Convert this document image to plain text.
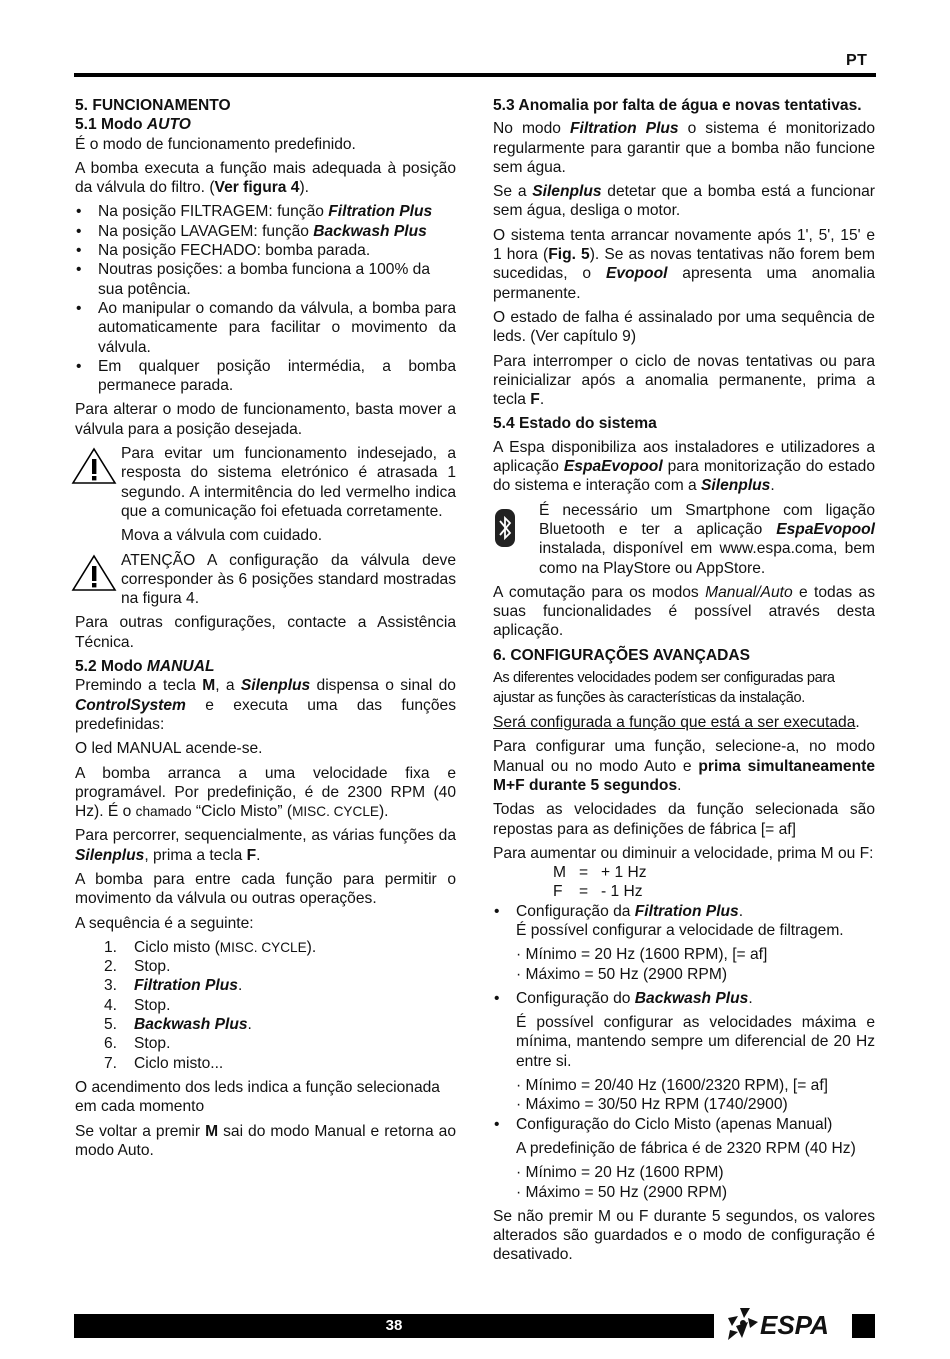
PT

5. FUNCIONAMENTO

5.1 Modo AUTO

É o modo de funcionamento predefinido.

A bomba executa a função mais adequada à posição da válvula do filtro. (Ver figura 4).

• Na posição FILTRAGEM: função Filtration Plus
• Na posição LAVAGEM: função Backwash Plus
• Na posição FECHADO: bomba parada.
• Noutras posições: a bomba funciona a 100% da sua potência.
• Ao manipular o comando da válvula, a bomba para automaticamente para facilitar o movimento da válvula.
• Em qualquer posição intermédia, a bomba permanece parada.

Para alterar o modo de funcionamento, basta mover a válvula para a posição desejada.

Para evitar um funcionamento indesejado, a resposta do sistema eletrónico é atrasada 1 segundo. A intermitência do led vermelho indica que a comunicação foi efetuada corretamente.

Mova a válvula com cuidado.

ATENÇÃO A configuração da válvula deve corresponder às 6 posições standard mostradas na figura 4.

Para outras configurações, contacte a Assistência Técnica.

5.2 Modo MANUAL

Premindo a tecla M, a Silenplus dispensa o sinal do ControlSystem e executa uma das funções predefinidas:

O led MANUAL acende-se.

A bomba arranca a uma velocidade fixa e programável. Por predefinição, é de 2300 RPM (40 Hz). É o chamado “Ciclo Misto” (MISC. CYCLE).

Para percorrer, sequencialmente, as várias funções da Silenplus, prima a tecla F.

A bomba para entre cada função para permitir o movimento da válvula ou outras operações.

A sequência é a seguinte:

1.	Ciclo misto (MISC. CYCLE).
2.	Stop.
3.	Filtration Plus.
4.	Stop.
5.	Backwash Plus.
6.	Stop.
7.	Ciclo misto...

O acendimento dos leds indica a função selecionada em cada momento

Se voltar a premir M sai do modo Manual e retorna ao modo Auto.

5.3 Anomalia por falta de água e novas tentativas.

No modo Filtration Plus o sistema é monitorizado regularmente para garantir que a bomba não funcione sem água.

Se a Silenplus detetar que a bomba está a funcionar sem água, desliga o motor.

O sistema tenta arrancar novamente após 1', 5', 15' e 1 hora (Fig. 5). Se as novas tentativas não forem bem sucedidas, o Evopool apresenta uma anomalia permanente.

O estado de falha é assinalado por uma sequência de leds. (Ver capítulo 9)

Para interromper o ciclo de novas tentativas ou para reinicializar após a anomalia permanente, prima a tecla F.

5.4 Estado do sistema

A Espa disponibiliza aos instaladores e utilizadores a aplicação EspaEvopool para monitorização do estado do sistema e interação com a Silenplus.

É necessário um Smartphone com ligação Bluetooth e ter a aplicação EspaEvopool instalada, disponível em www.espa.coma, bem como na PlayStore ou AppStore.

A comutação para os modos Manual/Auto e todas as suas funcionalidades é possível através desta aplicação.

6. CONFIGURAÇÕES AVANÇADAS

As diferentes velocidades podem ser configuradas para ajustar as funções às características da instalação.

Será configurada a função que está a ser executada.

Para configurar uma função, selecione-a, no modo Manual ou no modo Auto e prima simultaneamente M+F durante 5 segundos.

Todas as velocidades da função selecionada são repostas para as definições de fábrica [= af]

Para aumentar ou diminuir a velocidade, prima M ou F:

M = + 1 Hz
F	= - 1 Hz
• Configuração da Filtration Plus.
É possível configurar a velocidade de filtragem.
· Mínimo = 20 Hz (1600 RPM), [= af]
· Máximo = 50 Hz (2900 RPM)
• Configuração do Backwash Plus.
É possível configurar as velocidades máxima e mínima, mantendo sempre um diferencial de 20 Hz entre si.
· Mínimo = 20/40 Hz (1600/2320 RPM), [= af]
· Máximo = 30/50 Hz RPM (1740/2900)
• Configuração do Ciclo Misto (apenas Manual)
A predefinição de fábrica é de 2320 RPM (40 Hz)
· Mínimo = 20 Hz (1600 RPM)
· Máximo = 50 Hz (2900 RPM)

Se não premir M ou F durante 5 segundos, os valores alterados são guardados e o modo de configuração é desativado.

38	ESPA
